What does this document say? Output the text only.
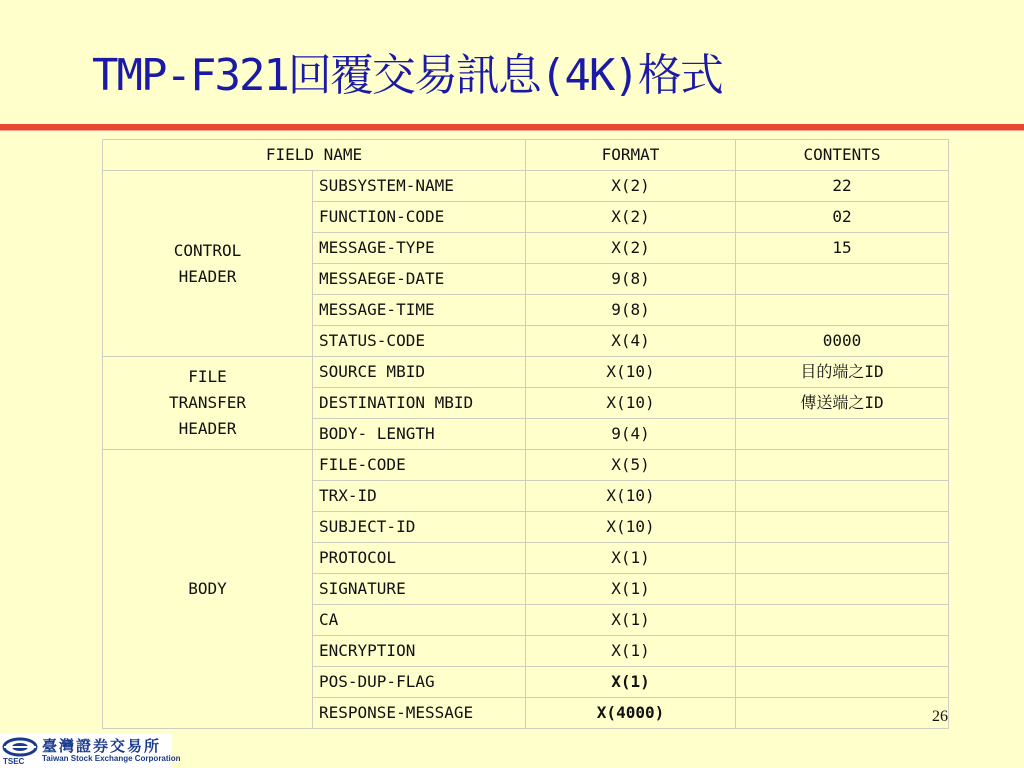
TMP-F321回覆交易訊息(4K)格式
FIELD NAME		FORMAT	CONTENTS
CONTROL
HEADER	SUBSYSTEM-NAME	X(2)	22
	FUNCTION-CODE	X(2)	02
	MESSAGE-TYPE	X(2)	15
	MESSAEGE-DATE	9(8)	
	MESSAGE-TIME	9(8)	
	STATUS-CODE	X(4)	0000
FILE
TRANSFER
HEADER	SOURCE MBID	X(10)	目的端之ID
	DESTINATION MBID	X(10)	傳送端之ID
	BODY- LENGTH	9(4)	
BODY	FILE-CODE	X(5)	
	TRX-ID	X(10)	
	SUBJECT-ID	X(10)	
	PROTOCOL	X(1)	
	SIGNATURE	X(1)	
	CA	X(1)	
	ENCRYPTION	X(1)	
	POS-DUP-FLAG	X(1)	
	RESPONSE-MESSAGE	X(4000)		26
TSEC
臺灣證券交易所
Taiwan Stock Exchange Corporation
